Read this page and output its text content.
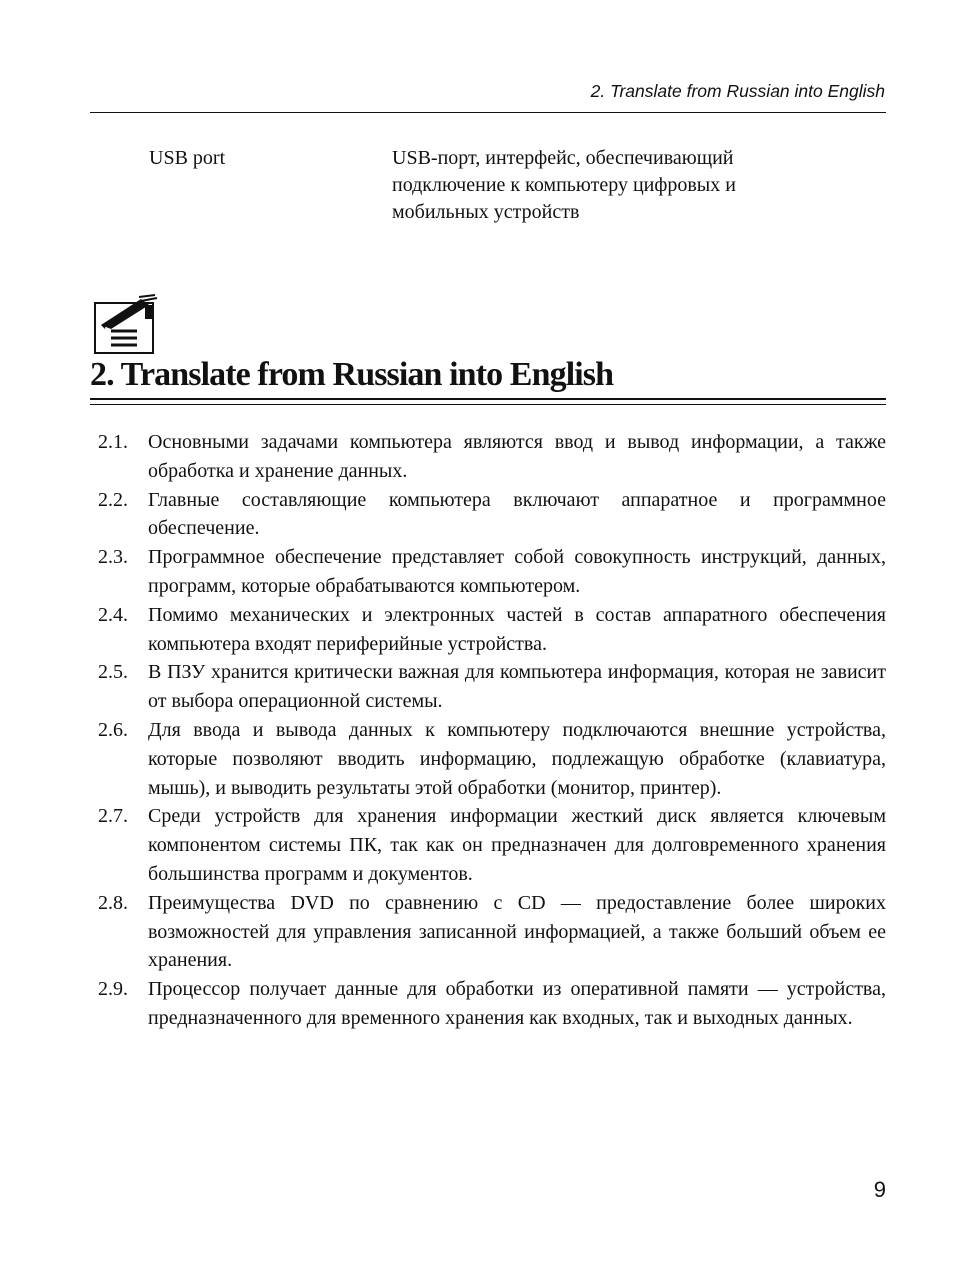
2. Translate from Russian into English
USB port	USB-порт, интерфейс, обеспечивающий
подключение к компьютеру цифровых и
мобильных устройств
2. Translate from Russian into English
2.1. Основными задачами компьютера являются ввод и вывод информации, а также обработка и хранение данных.
2.2. Главные составляющие компьютера включают аппаратное и программное обеспечение.
2.3. Программное обеспечение представляет собой совокупность инструкций, данных, программ, которые обрабатываются компьютером.
2.4. Помимо механических и электронных частей в состав аппаратного обеспечения компьютера входят периферийные устройства.
2.5. В ПЗУ хранится критически важная для компьютера информация, которая не зависит от выбора операционной системы.
2.6. Для ввода и вывода данных к компьютеру подключаются внешние устройства, которые позволяют вводить информацию, подлежащую обработке (клавиатура, мышь), и выводить результаты этой обработки (монитор, принтер).
2.7. Среди устройств для хранения информации жесткий диск является ключевым компонентом системы ПК, так как он предназначен для долговременного хранения большинства программ и документов.
2.8. Преимущества DVD по сравнению с CD — предоставление более широких возможностей для управления записанной информацией, а также больший объем ее хранения.
2.9. Процессор получает данные для обработки из оперативной памяти — устройства, предназначенного для временного хранения как входных, так и выходных данных.
9
